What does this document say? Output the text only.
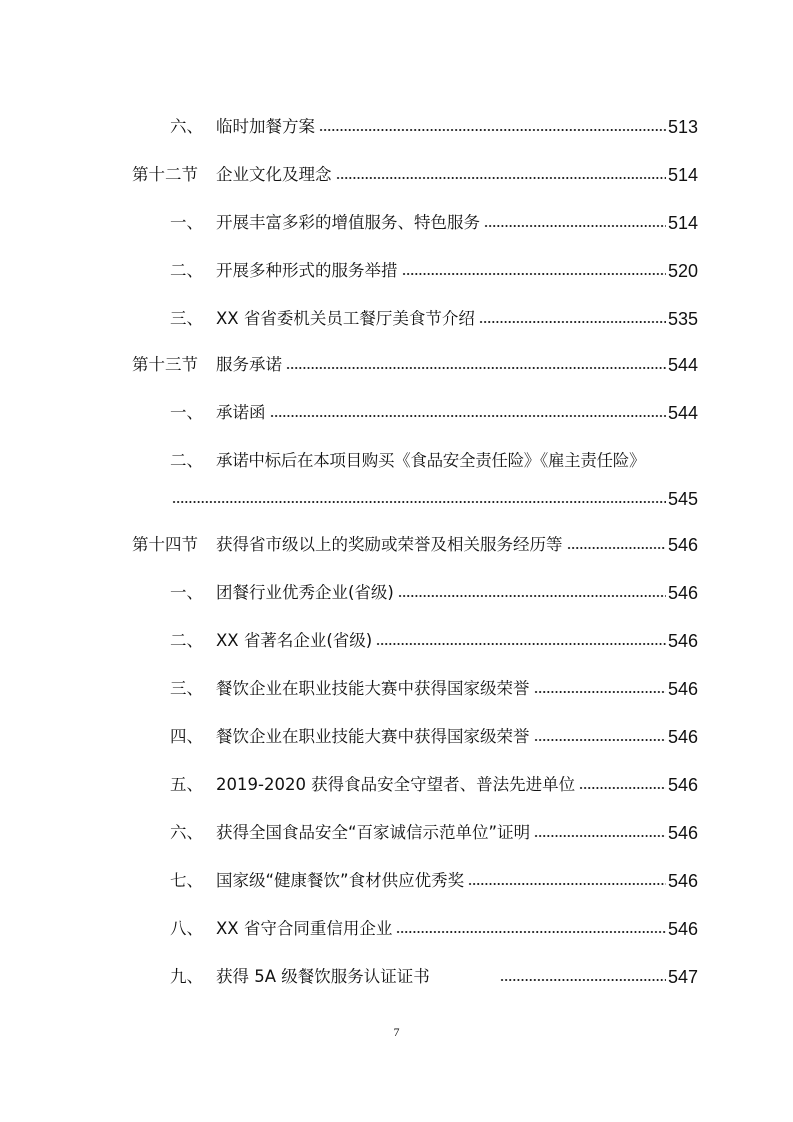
六、 临时加餐方案	513
第十二节	企业文化及理念	514
一、 开展丰富多彩的增值服务、特色服务	514
二、 开展多种形式的服务举措	520
三、 XX 省省委机关员工餐厅美食节介绍	535
第十三节	服务承诺	544
一、 承诺函	544
二、 承诺中标后在本项目购买《食品安全责任险》《雇主责任险》
545
第十四节	获得省市级以上的奖励或荣誉及相关服务经历等	546
一、 团餐行业优秀企业(省级)	546
二、 XX 省著名企业(省级)	546
三、 餐饮企业在职业技能大赛中获得国家级荣誉	546
四、 餐饮企业在职业技能大赛中获得国家级荣誉	546
五、 2019-2020 获得食品安全守望者、普法先进单位	546
六、 获得全国食品安全“百家诚信示范单位”证明	546
七、 国家级“健康餐饮”食材供应优秀奖	546
八、 XX 省守合同重信用企业	546
九、 获得 5A 级餐饮服务认证证书	547
7
